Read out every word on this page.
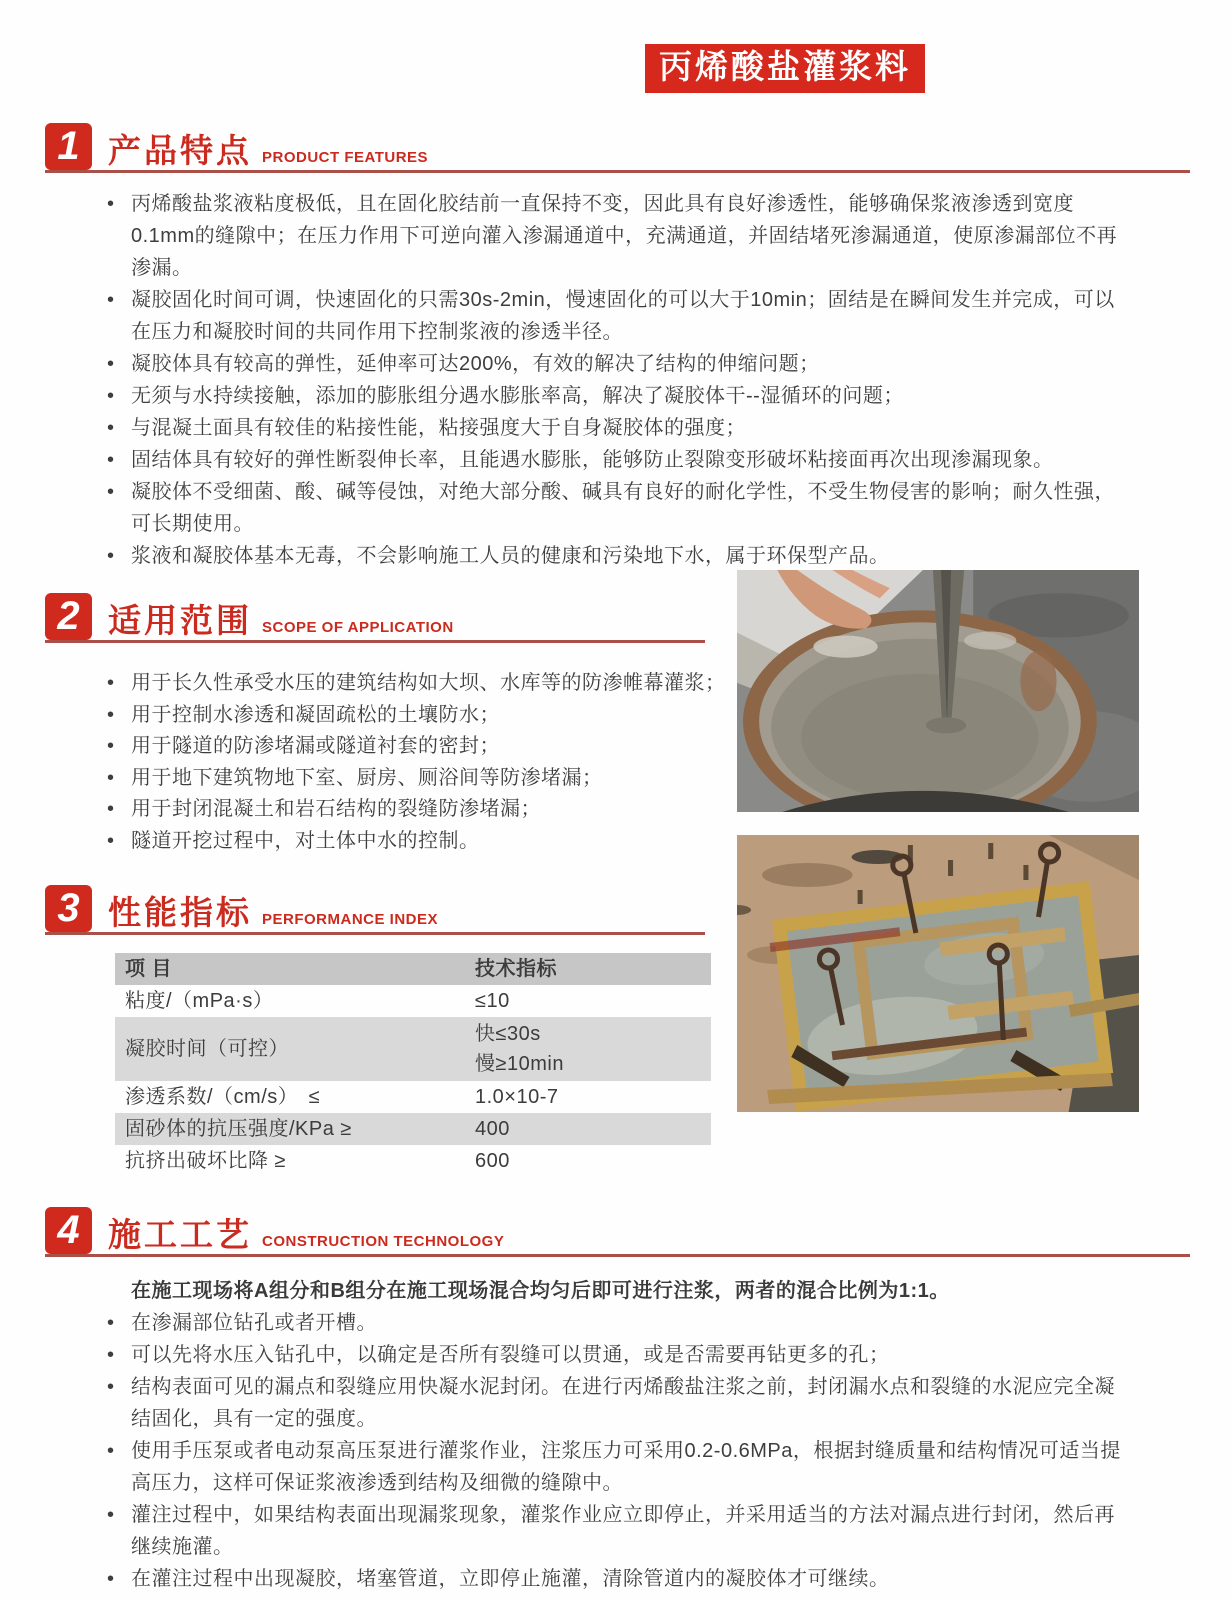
丙烯酸盐灌浆料
1 产品特点 PRODUCT FEATURES
• 丙烯酸盐浆液粘度极低，且在固化胶结前一直保持不变，因此具有良好渗透性，能够确保浆液渗透到宽度0.1mm的缝隙中；在压力作用下可逆向灌入渗漏通道中，充满通道，并固结堵死渗漏通道，使原渗漏部位不再渗漏。
• 凝胶固化时间可调，快速固化的只需30s-2min，慢速固化的可以大于10min；固结是在瞬间发生并完成，可以在压力和凝胶时间的共同作用下控制浆液的渗透半径。
• 凝胶体具有较高的弹性，延伸率可达200%，有效的解决了结构的伸缩问题；
• 无须与水持续接触，添加的膨胀组分遇水膨胀率高，解决了凝胶体干--湿循环的问题；
• 与混凝土面具有较佳的粘接性能，粘接强度大于自身凝胶体的强度；
• 固结体具有较好的弹性断裂伸长率，且能遇水膨胀，能够防止裂隙变形破坏粘接面再次出现渗漏现象。
• 凝胶体不受细菌、酸、碱等侵蚀，对绝大部分酸、碱具有良好的耐化学性，不受生物侵害的影响；耐久性强，可长期使用。
• 浆液和凝胶体基本无毒，不会影响施工人员的健康和污染地下水，属于环保型产品。
2 适用范围 SCOPE OF APPLICATION
• 用于长久性承受水压的建筑结构如大坝、水库等的防渗帷幕灌浆；
• 用于控制水渗透和凝固疏松的土壤防水；
• 用于隧道的防渗堵漏或隧道衬套的密封；
• 用于地下建筑物地下室、厨房、厕浴间等防渗堵漏；
• 用于封闭混凝土和岩石结构的裂缝防渗堵漏；
• 隧道开挖过程中，对土体中水的控制。
3 性能指标 PERFORMANCE INDEX
项 目	技术指标
粘度/（mPa·s）	≤10
凝胶时间（可控）	快≤30s
慢≥10min

渗透系数/（cm/s）　≤	1.0×10-7
固砂体的抗压强度/KPa ≥	400
抗挤出破坏比降 ≥	600
4 施工工艺 CONSTRUCTION TECHNOLOGY
在施工现场将A组分和B组分在施工现场混合均匀后即可进行注浆，两者的混合比例为1:1。
• 在渗漏部位钻孔或者开槽。
• 可以先将水压入钻孔中，以确定是否所有裂缝可以贯通，或是否需要再钻更多的孔；
• 结构表面可见的漏点和裂缝应用快凝水泥封闭。在进行丙烯酸盐注浆之前，封闭漏水点和裂缝的水泥应完全凝结固化，具有一定的强度。
• 使用手压泵或者电动泵高压泵进行灌浆作业，注浆压力可采用0.2-0.6MPa，根据封缝质量和结构情况可适当提高压力，这样可保证浆液渗透到结构及细微的缝隙中。
• 灌注过程中，如果结构表面出现漏浆现象，灌浆作业应立即停止，并采用适当的方法对漏点进行封闭，然后再继续施灌。
• 在灌注过程中出现凝胶，堵塞管道，立即停止施灌，清除管道内的凝胶体才可继续。
